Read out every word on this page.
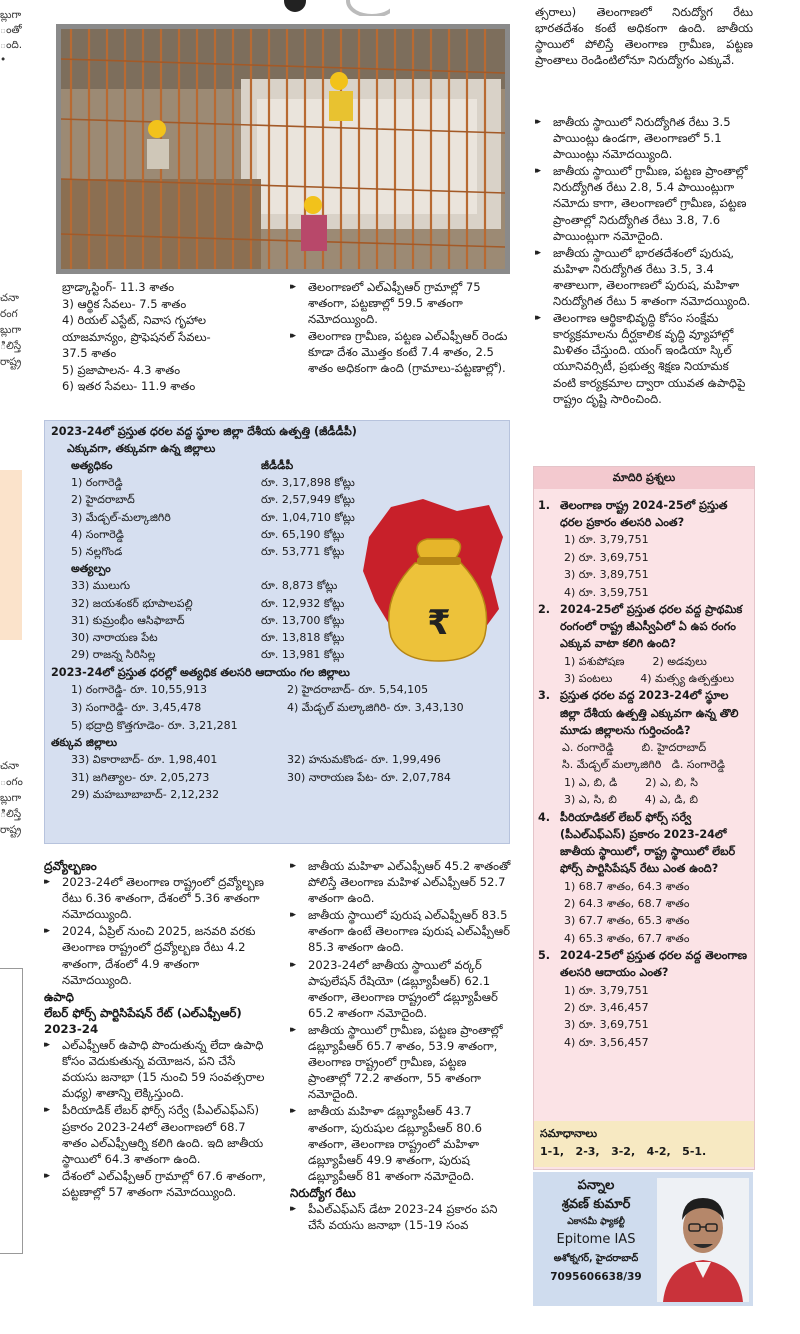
బ్లుగా
ంతో
ంది.
•
చనా
రంగ
బ్లుగా
ిలిస్తే
రాష్ట్ర
చనా
ంగం
బ్లుగా
ిలిస్తే
రాష్ట్ర
బ్రాడ్కాస్టింగ్- 11.3 శాతం
3) ఆర్థిక సేవలు- 7.5 శాతం
4) రియల్ ఎస్టేట్, నివాస గృహాల
యాజమాన్యం, ప్రొఫెషనల్ సేవలు-
37.5 శాతం
5) ప్రజాపాలన- 4.3 శాతం
6) ఇతర సేవలు- 11.9 శాతం
▸▸ తెలంగాణలో ఎల్ఎఫ్పీఆర్ గ్రామాల్లో 75 శాతంగా, పట్టణాల్లో 59.5 శాతంగా నమోదయ్యింది.
▸▸ తెలంగాణ గ్రామీణ, పట్టణ ఎల్ఎఫ్పీఆర్ రెండు కూడా దేశం మొత్తం కంటే 7.4 శాతం, 2.5 శాతం అధికంగా ఉంది (గ్రామాలు-పట్టణాల్లో).
త్సరాలు) తెలంగాణలో నిరుద్యోగ రేటు భారతదేశం కంటే అధికంగా ఉంది. జాతీయ స్థాయిలో పోలిస్తే తెలంగాణ గ్రామీణ, పట్టణ ప్రాంతాలు రెండింటిలోనూ నిరుద్యోగం ఎక్కువే.
▸▸ జాతీయ స్థాయిలో నిరుద్యోగిత రేటు 3.5 పాయింట్లు ఉండగా, తెలంగాణలో 5.1 పాయింట్లు నమోదయ్యింది.
▸▸ జాతీయ స్థాయిలో గ్రామీణ, పట్టణ ప్రాంతాల్లో నిరుద్యోగిత రేటు 2.8, 5.4 పాయింట్లుగా నమోదు కాగా, తెలంగాణలో గ్రామీణ, పట్టణ ప్రాంతాల్లో నిరుద్యోగిత రేటు 3.8, 7.6 పాయింట్లుగా నమోదైంది.
▸▸ జాతీయ స్థాయిలో భారతదేశంలో పురుష, మహిళా నిరుద్యోగిత రేటు 3.5, 3.4 శాతాలుగా, తెలంగాణలో పురుష, మహిళా నిరుద్యోగిత రేటు 5 శాతంగా నమోదయ్యింది.
▸▸ తెలంగాణ ఆర్థికాభివృద్ధి కోసం సంక్షేమ కార్యక్రమాలను దీర్ఘకాలిక వృద్ధి వ్యూహాల్లో మిళితం చేస్తుంది. యంగ్ ఇండియా స్కిల్ యూనివర్సిటీ, ప్రభుత్వ శిక్షణ నియామక వంటి కార్యక్రమాల ద్వారా యువత ఉపాధిపై రాష్ట్రం దృష్టి సారించింది.
2023-24లో ప్రస్తుత ధరల వద్ద స్థూల జిల్లా దేశీయ ఉత్పత్తి (జీడీడీపీ)
ఎక్కువగా, తక్కువగా ఉన్న జిల్లాలు
అత్యధికం	జీడీడీపీ
1) రంగారెడ్డి	రూ. 3,17,898 కోట్లు
2) హైదరాబాద్	రూ. 2,57,949 కోట్లు
3) మేడ్చల్-మల్కాజిగిరి	రూ. 1,04,710 కోట్లు
4) సంగారెడ్డి	రూ. 65,190 కోట్లు
5) నల్లగొండ	రూ. 53,771 కోట్లు
అత్యల్పం
33) ములుగు	రూ. 8,873 కోట్లు
32) జయశంకర్ భూపాలపల్లి	రూ. 12,932 కోట్లు
31) కుమ్రంభీం ఆసిఫాబాద్	రూ. 13,700 కోట్లు
30) నారాయణ పేట	రూ. 13,818 కోట్లు
29) రాజన్న సిరిసిల్ల	రూ. 13,981 కోట్లు
2023-24లో ప్రస్తుత ధరల్లో అత్యధిక తలసరి ఆదాయం గల జిల్లాలు
1) రంగారెడ్డి- రూ. 10,55,913	2) హైదరాబాద్- రూ. 5,54,105
3) సంగారెడ్డి- రూ. 3,45,478	4) మేడ్చల్ మల్కాజిగిరి- రూ. 3,43,130
5) భద్రాద్రి కొత్తగూడెం- రూ. 3,21,281
తక్కువ జిల్లాలు
33) వికారాబాద్- రూ. 1,98,401	32) హనుమకొండ- రూ. 1,99,496
31) జగిత్యాల- రూ. 2,05,273	30) నారాయణ పేట- రూ. 2,07,784
29) మహబూబాబాద్- 2,12,232
₹
ద్రవ్యోల్బణం
▸▸ 2023-24లో తెలంగాణ రాష్ట్రంలో ద్రవ్యోల్బణ రేటు 6.36 శాతంగా, దేశంలో 5.36 శాతంగా నమోదయ్యింది.
▸▸ 2024, ఏప్రిల్ నుంచి 2025, జనవరి వరకు తెలంగాణ రాష్ట్రంలో ద్రవ్యోల్బణ రేటు 4.2 శాతంగా, దేశంలో 4.9 శాతంగా నమోదయ్యింది.
ఉపాధి
లేబర్ ఫోర్స్ పార్టిసిపేషన్ రేట్ (ఎల్ఎఫ్పీఆర్) 2023-24
▸▸ ఎల్ఎఫ్పీఆర్ ఉపాధి పొందుతున్న లేదా ఉపాధి కోసం వెదుకుతున్న వయోజన, పని చేసే వయసు జనాభా (15 నుంచి 59 సంవత్సరాల మధ్య) శాతాన్ని లెక్కిస్తుంది.
▸▸ పీరియాడిక్ లేబర్ ఫోర్స్ సర్వే (పీఎల్ఎఫ్ఎస్) ప్రకారం 2023-24లో తెలంగాణలో 68.7 శాతం ఎల్ఎఫ్పీఆర్ని కలిగి ఉంది. ఇది జాతీయ స్థాయిలో 64.3 శాతంగా ఉంది.
▸▸ దేశంలో ఎల్ఎఫ్పీఆర్ గ్రామాల్లో 67.6 శాతంగా, పట్టణాల్లో 57 శాతంగా నమోదయ్యింది.
▸▸ జాతీయ మహిళా ఎల్ఎఫ్పీఆర్ 45.2 శాతంతో పోలిస్తే తెలంగాణ మహిళ ఎల్ఎఫ్పీఆర్ 52.7 శాతంగా ఉంది.
▸▸ జాతీయ స్థాయిలో పురుష ఎల్ఎఫ్పీఆర్ 83.5 శాతంగా ఉంటే తెలంగాణ పురుష ఎల్ఎఫ్పీఆర్ 85.3 శాతంగా ఉంది.
▸▸ 2023-24లో జాతీయ స్థాయిలో వర్కర్ పాపులేషన్ రేషియో (డబ్ల్యూపీఆర్) 62.1 శాతంగా, తెలంగాణ రాష్ట్రంలో డబ్ల్యూపీఆర్ 65.2 శాతంగా నమోదైంది.
▸▸ జాతీయ స్థాయిలో గ్రామీణ, పట్టణ ప్రాంతాల్లో డబ్ల్యూపీఆర్ 65.7 శాతం, 53.9 శాతంగా, తెలంగాణ రాష్ట్రంలో గ్రామీణ, పట్టణ ప్రాంతాల్లో 72.2 శాతంగా, 55 శాతంగా నమోదైంది.
▸▸ జాతీయ మహిళా డబ్ల్యూపీఆర్ 43.7 శాతంగా, పురుషుల డబ్ల్యూపీఆర్ 80.6 శాతంగా, తెలంగాణ రాష్ట్రంలో మహిళా డబ్ల్యూపీఆర్ 49.9 శాతంగా, పురుష డబ్ల్యూపీఆర్ 81 శాతంగా నమోదైంది.
నిరుద్యోగ రేటు
▸▸ పీఎల్ఎఫ్ఎస్ డేటా 2023-24 ప్రకారం పని చేసే వయసు జనాభా (15-19 సంవ
మాదిరి ప్రశ్నలు
1. తెలంగాణ రాష్ట్ర 2024-25లో ప్రస్తుత ధరల ప్రకారం తలసరి ఎంత?
1) రూ. 3,79,751
2) రూ. 3,69,751
3) రూ. 3,89,751
4) రూ. 3,59,751
2. 2024-25లో ప్రస్తుత ధరల వద్ద ప్రాథమిక రంగంలో రాష్ట్ర జీఎస్వీఏలో ఏ ఉప రంగం ఎక్కువ వాటా కలిగి ఉంది?
1) పశుపోషణ        2) అడవులు
3) పంటలు        4) మత్స్య ఉత్పత్తులు
3. ప్రస్తుత ధరల వద్ద 2023-24లో స్థూల జిల్లా దేశీయ ఉత్పత్తి ఎక్కువగా ఉన్న తొలి మూడు జిల్లాలను గుర్తించండి?
ఎ. రంగారెడ్డి        బి. హైదరాబాద్
సి. మేడ్చల్ మల్కాజిగిరి   డి. సంగారెడ్డి
1) ఎ, బి, డి        2) ఎ, బి, సి
3) ఎ, సి, బి        4) ఎ, డి, బి
4. పీరియాడికల్ లేబర్ ఫోర్స్ సర్వే (పీఎల్ఎఫ్ఎస్) ప్రకారం 2023-24లో జాతీయ స్థాయిలో, రాష్ట్ర స్థాయిలో లేబర్ ఫోర్స్ పార్టిసిపేషన్ రేటు ఎంత ఉంది?
1) 68.7 శాతం, 64.3 శాతం
2) 64.3 శాతం, 68.7 శాతం
3) 67.7 శాతం, 65.3 శాతం
4) 65.3 శాతం, 67.7 శాతం
5. 2024-25లో ప్రస్తుత ధరల వద్ద తెలంగాణ తలసరి ఆదాయం ఎంత?
1) రూ. 3,79,751
2) రూ. 3,46,457
3) రూ. 3,69,751
4) రూ. 3,56,457
సమాధానాలు
1-1,   2-3,   3-2,   4-2,   5-1.
పన్నాల
శ్రవణ్ కుమార్
ఎకానమీ ఫ్యాకల్టీ
Epitome IAS
అశోక్నగర్, హైదరాబాద్
7095606638/39
